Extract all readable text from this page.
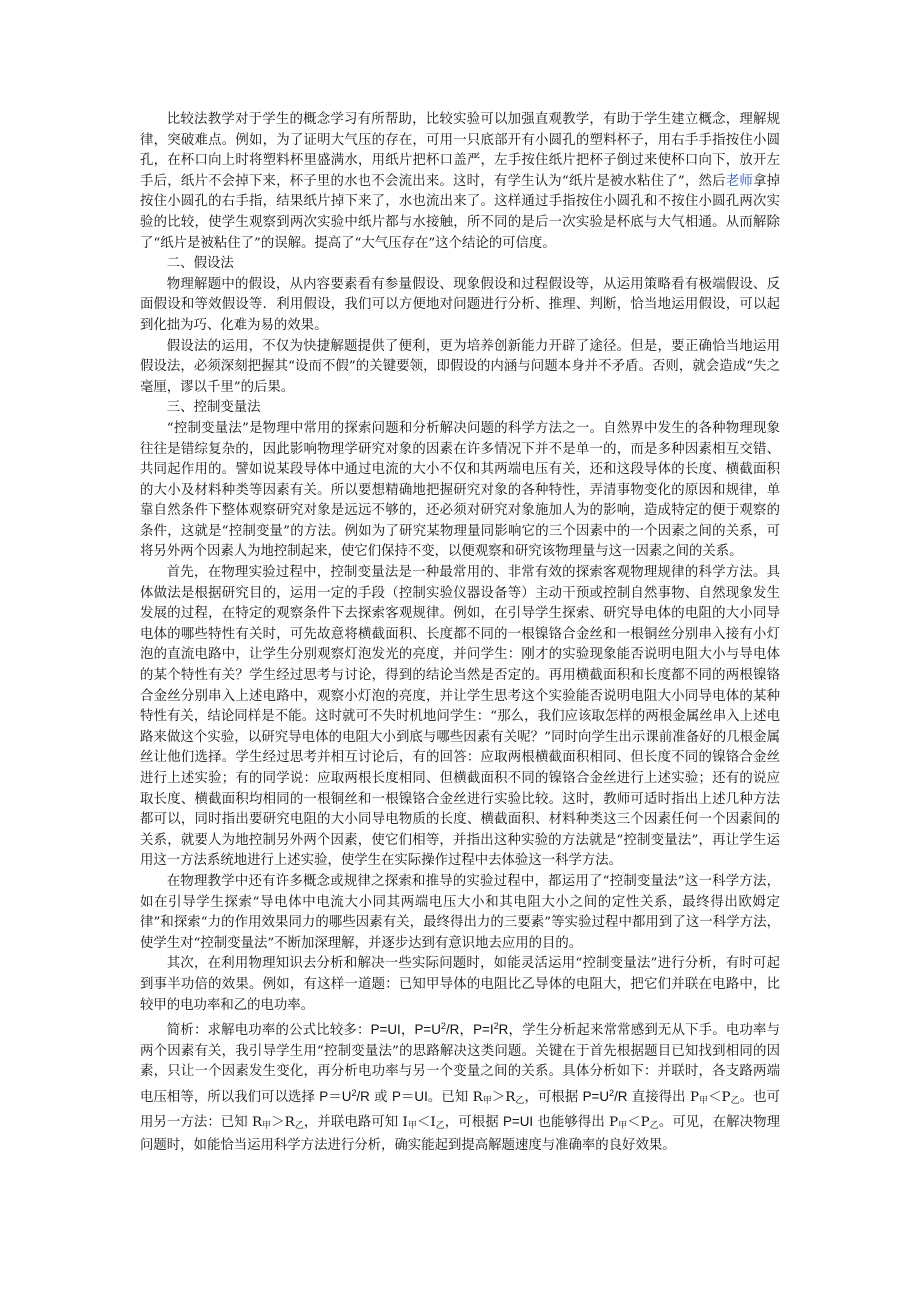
比较法教学对于学生的概念学习有所帮助，比较实验可以加强直观教学，有助于学生建立概念，理解规律，突破难点。例如，为了证明大气压的存在，可用一只底部开有小圆孔的塑料杯子，用右手手指按住小圆孔，在杯口向上时将塑料杯里盛满水，用纸片把杯口盖严，左手按住纸片把杯子倒过来使杯口向下，放开左手后，纸片不会掉下来，杯子里的水也不会流出来。这时，有学生认为“纸片是被水粘住了”，然后老师拿掉按住小圆孔的右手指，结果纸片掉下来了，水也流出来了。这样通过手指按住小圆孔和不按住小圆孔两次实验的比较，使学生观察到两次实验中纸片都与水接触，所不同的是后一次实验是杯底与大气相通。从而解除了“纸片是被粘住了”的误解。提高了“大气压存在”这个结论的可信度。

二、假设法

物理解题中的假设，从内容要素看有参量假设、现象假设和过程假设等，从运用策略看有极端假设、反面假设和等效假设等．利用假设，我们可以方便地对问题进行分析、推理、判断，恰当地运用假设，可以起到化拙为巧、化难为易的效果。

假设法的运用，不仅为快捷解题提供了便利，更为培养创新能力开辟了途径。但是，要正确恰当地运用假设法，必须深刻把握其“设而不假”的关键要领，即假设的内涵与问题本身并不矛盾。否则，就会造成“失之毫厘，谬以千里”的后果。

三、控制变量法

“控制变量法”是物理中常用的探索问题和分析解决问题的科学方法之一。自然界中发生的各种物理现象往往是错综复杂的，因此影响物理学研究对象的因素在许多情况下并不是单一的，而是多种因素相互交错、共同起作用的。譬如说某段导体中通过电流的大小不仅和其两端电压有关，还和这段导体的长度、横截面积的大小及材料种类等因素有关。所以要想精确地把握研究对象的各种特性，弄清事物变化的原因和规律，单靠自然条件下整体观察研究对象是远远不够的，还必须对研究对象施加人为的影响，造成特定的便于观察的条件，这就是“控制变量”的方法。例如为了研究某物理量同影响它的三个因素中的一个因素之间的关系，可将另外两个因素人为地控制起来，使它们保持不变，以便观察和研究该物理量与这一因素之间的关系。

首先，在物理实验过程中，控制变量法是一种最常用的、非常有效的探索客观物理规律的科学方法。具体做法是根据研究目的，运用一定的手段（控制实验仪器设备等）主动干预或控制自然事物、自然现象发生发展的过程，在特定的观察条件下去探索客观规律。例如，在引导学生探索、研究导电体的电阻的大小同导电体的哪些特性有关时，可先故意将横截面积、长度都不同的一根镍铬合金丝和一根铜丝分别串入接有小灯泡的直流电路中，让学生分别观察灯泡发光的亮度，并问学生：刚才的实验现象能否说明电阻大小与导电体的某个特性有关？学生经过思考与讨论，得到的结论当然是否定的。再用横截面积和长度都不同的两根镍铬合金丝分别串入上述电路中，观察小灯泡的亮度，并让学生思考这个实验能否说明电阻大小同导电体的某种特性有关，结论同样是不能。这时就可不失时机地问学生：“那么，我们应该取怎样的两根金属丝串入上述电路来做这个实验，以研究导电体的电阻大小到底与哪些因素有关呢？”同时向学生出示课前准备好的几根金属丝让他们选择。学生经过思考并相互讨论后，有的回答：应取两根横截面积相同、但长度不同的镍铬合金丝进行上述实验；有的同学说：应取两根长度相同、但横截面积不同的镍铬合金丝进行上述实验；还有的说应取长度、横截面积均相同的一根铜丝和一根镍铬合金丝进行实验比较。这时，教师可适时指出上述几种方法都可以，同时指出要研究电阻的大小同导电物质的长度、横截面积、材料种类这三个因素任何一个因素间的关系，就要人为地控制另外两个因素，使它们相等，并指出这种实验的方法就是“控制变量法”，再让学生运用这一方法系统地进行上述实验，使学生在实际操作过程中去体验这一科学方法。

在物理教学中还有许多概念或规律之探索和推导的实验过程中，都运用了“控制变量法”这一科学方法，如在引导学生探索“导电体中电流大小同其两端电压大小和其电阻大小之间的定性关系，最终得出欧姆定律”和探索“力的作用效果同力的哪些因素有关，最终得出力的三要素”等实验过程中都用到了这一科学方法，使学生对“控制变量法”不断加深理解，并逐步达到有意识地去应用的目的。

其次，在利用物理知识去分析和解决一些实际问题时，如能灵活运用“控制变量法”进行分析，有时可起到事半功倍的效果。例如，有这样一道题：已知甲导体的电阻比乙导体的电阻大，把它们并联在电路中，比较甲的电功率和乙的电功率。

简析：求解电功率的公式比较多：P=UI，$P=U^2/R$，$P=I^2R$，学生分析起来常常感到无从下手。电功率与两个因素有关，我引导学生用“控制变量法”的思路解决这类问题。关键在于首先根据题目已知找到相同的因素，只让一个因素发生变化，再分析电功率与另一个变量之间的关系。具体分析如下：并联时，各支路两端电压相等，所以我们可以选择 $P=U^2/R$ 或 P＝UI。已知 $R_甲>R_乙$，可根据 $P=U^2/R$ 直接得出 $P_甲<P_乙$。也可用另一方法：已知 $R_甲>R_乙$，并联电路可知 $I_甲<I_乙$，可根据 P=UI 也能够得出 $P_甲<P_乙$。可见，在解决物理问题时，如能恰当运用科学方法进行分析，确实能起到提高解题速度与准确率的良好效果。
